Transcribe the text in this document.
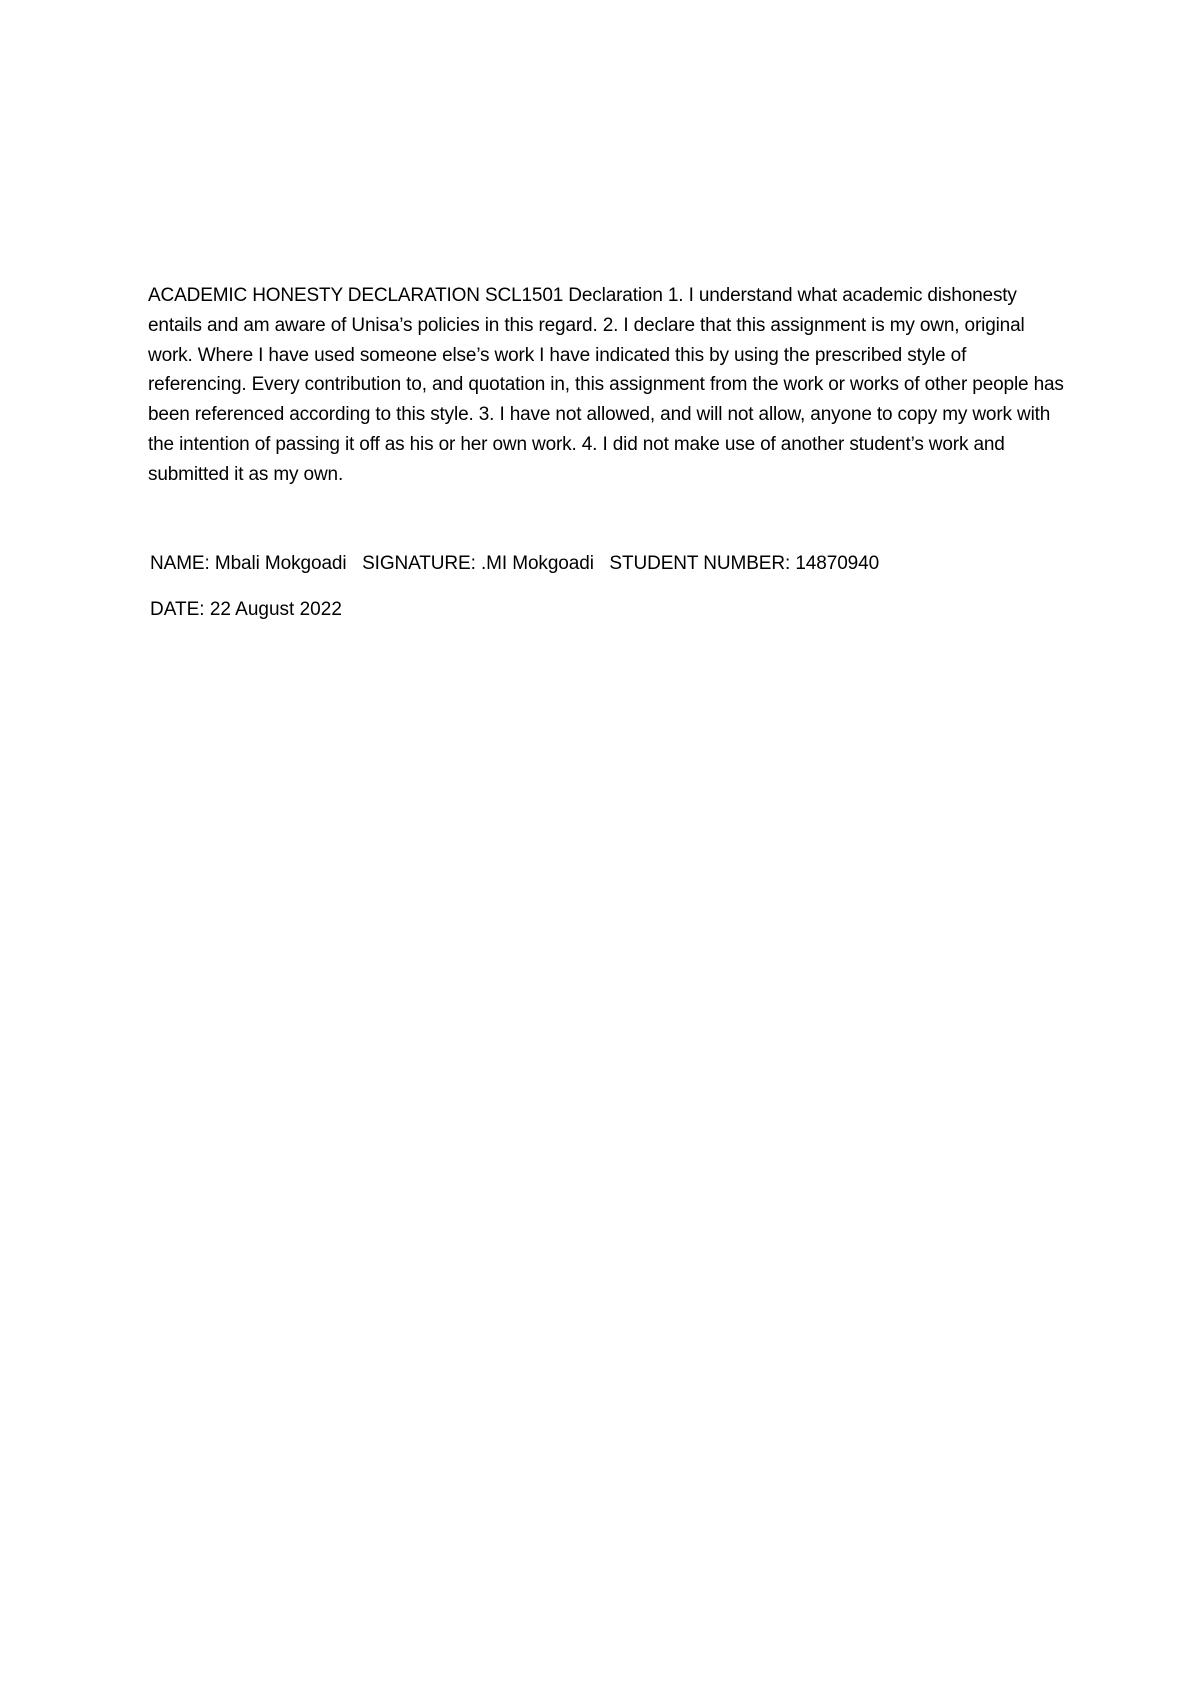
ACADEMIC HONESTY DECLARATION SCL1501 Declaration 1. I understand what academic dishonesty entails and am aware of Unisa’s policies in this regard. 2. I declare that this assignment is my own, original work. Where I have used someone else’s work I have indicated this by using the prescribed style of referencing. Every contribution to, and quotation in, this assignment from the work or works of other people has been referenced according to this style. 3. I have not allowed, and will not allow, anyone to copy my work with the intention of passing it off as his or her own work. 4. I did not make use of another student’s work and submitted it as my own.

NAME: Mbali Mokgoadi SIGNATURE: .MI Mokgoadi STUDENT NUMBER: 14870940

DATE: 22 August 2022
